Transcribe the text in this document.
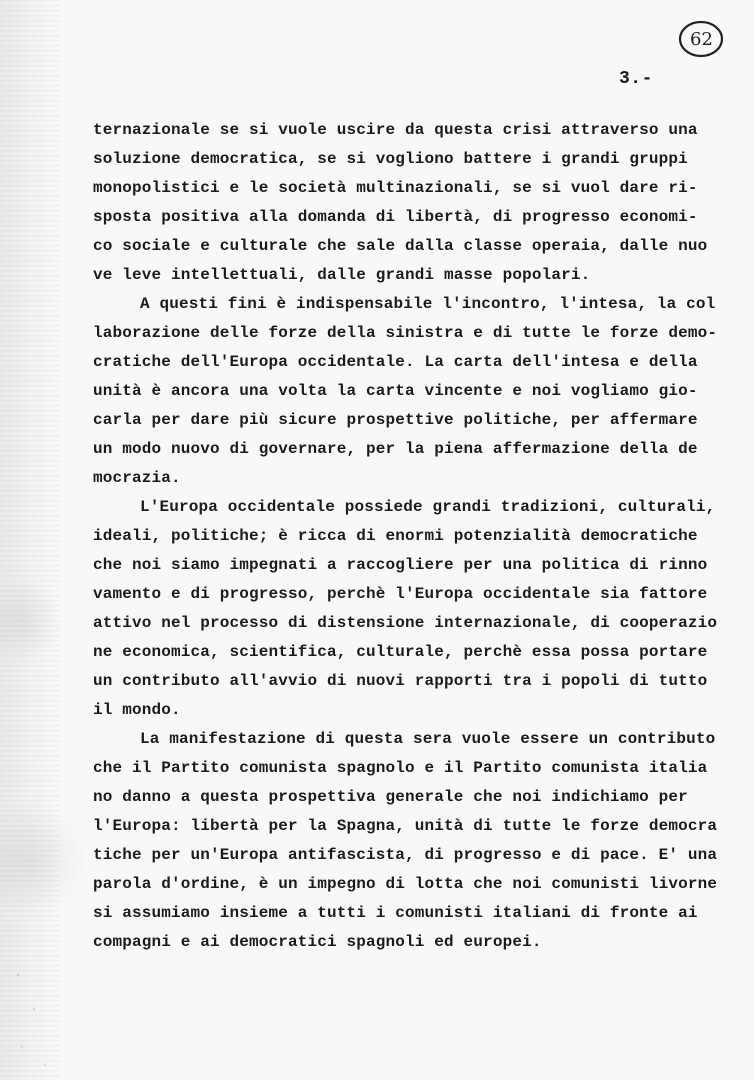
62
3.-

ternazionale se si vuole uscire da questa crisi attraverso una
soluzione democratica, se si vogliono battere i grandi gruppi
monopolistici e le società multinazionali, se si vuol dare ri-
sposta positiva alla domanda di libertà, di progresso economi-
co sociale e culturale che sale dalla classe operaia, dalle nuo
ve leve intellettuali, dalle grandi masse popolari.

A questi fini è indispensabile l'incontro, l'intesa, la col
laborazione delle forze della sinistra e di tutte le forze demo-
cratiche dell'Europa occidentale. La carta dell'intesa e della
unità è ancora una volta la carta vincente e noi vogliamo gio-
carla per dare più sicure prospettive politiche, per affermare
un modo nuovo di governare, per la piena affermazione della de
mocrazia.

L'Europa occidentale possiede grandi tradizioni, culturali,
ideali, politiche; è ricca di enormi potenzialità democratiche
che noi siamo impegnati a raccogliere per una politica di rinno
vamento e di progresso, perchè l'Europa occidentale sia fattore
attivo nel processo di distensione internazionale, di cooperazio
ne economica, scientifica, culturale, perchè essa possa portare
un contributo all'avvio di nuovi rapporti tra i popoli di tutto
il mondo.

La manifestazione di questa sera vuole essere un contributo
che il Partito comunista spagnolo e il Partito comunista italia
no danno a questa prospettiva generale che noi indichiamo per
l'Europa: libertà per la Spagna, unità di tutte le forze democra
tiche per un'Europa antifascista, di progresso e di pace. E' una
parola d'ordine, è un impegno di lotta che noi comunisti livorne
si assumiamo insieme a tutti i comunisti italiani di fronte ai
compagni e ai democratici spagnoli ed europei.
